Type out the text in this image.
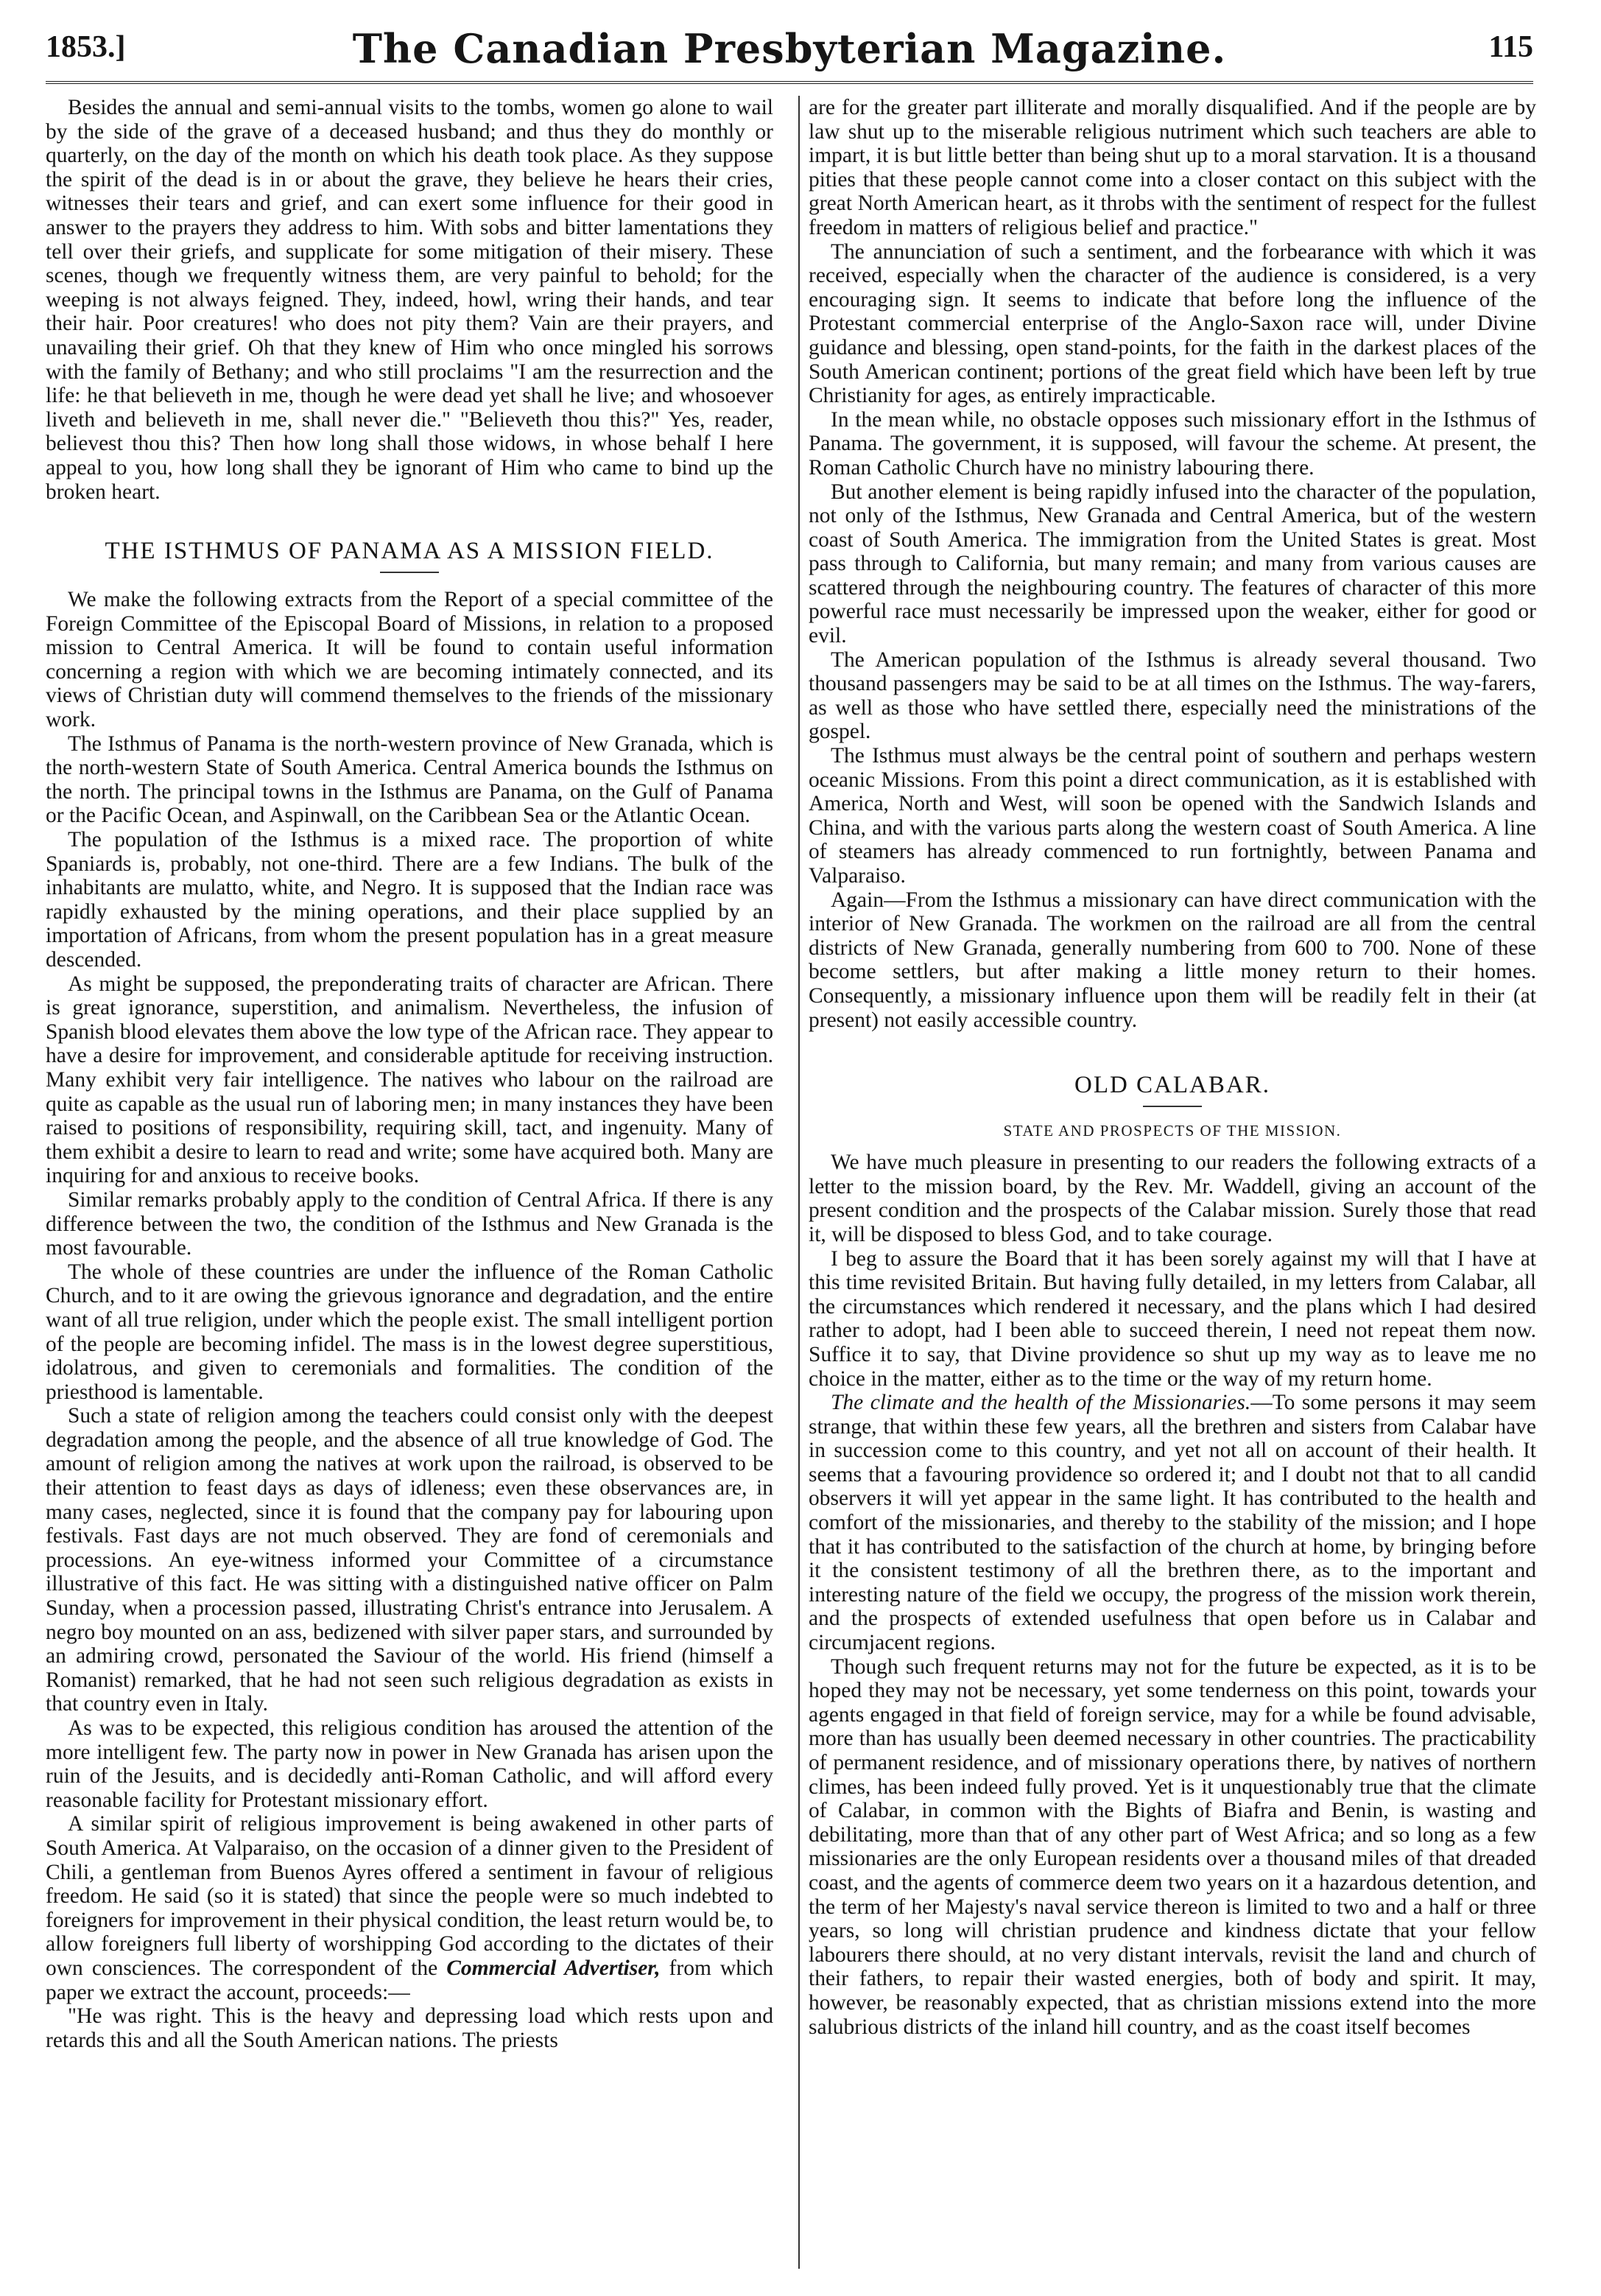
1853.]	The Canadian Presbyterian Magazine.	115

Besides the annual and semi-annual visits to the tombs, women go alone to wail by the side of the grave of a deceased husband; and thus they do monthly or quarterly, on the day of the month on which his death took place. As they suppose the spirit of the dead is in or about the grave, they believe he hears their cries, witnesses their tears and grief, and can exert some influence for their good in answer to the prayers they address to him. With sobs and bitter lamentations they tell over their griefs, and supplicate for some mitigation of their misery. These scenes, though we frequently witness them, are very painful to behold; for the weeping is not always feigned. They, indeed, howl, wring their hands, and tear their hair. Poor creatures! who does not pity them? Vain are their prayers, and unavailing their grief. Oh that they knew of Him who once mingled his sorrows with the family of Bethany; and who still proclaims "I am the resurrection and the life: he that believeth in me, though he were dead yet shall he live; and whosoever liveth and believeth in me, shall never die." "Believeth thou this?" Yes, reader, believest thou this? Then how long shall those widows, in whose behalf I here appeal to you, how long shall they be ignorant of Him who came to bind up the broken heart.

THE ISTHMUS OF PANAMA AS A MISSION FIELD.

We make the following extracts from the Report of a special committee of the Foreign Committee of the Episcopal Board of Missions, in relation to a proposed mission to Central America. It will be found to contain useful information concerning a region with which we are becoming intimately connected, and its views of Christian duty will commend themselves to the friends of the missionary work.

The Isthmus of Panama is the north-western province of New Granada, which is the north-western State of South America. Central America bounds the Isthmus on the north. The principal towns in the Isthmus are Panama, on the Gulf of Panama or the Pacific Ocean, and Aspinwall, on the Caribbean Sea or the Atlantic Ocean.

The population of the Isthmus is a mixed race. The proportion of white Spaniards is, probably, not one-third. There are a few Indians. The bulk of the inhabitants are mulatto, white, and Negro. It is supposed that the Indian race was rapidly exhausted by the mining operations, and their place supplied by an importation of Africans, from whom the present population has in a great measure descended.

As might be supposed, the preponderating traits of character are African. There is great ignorance, superstition, and animalism. Nevertheless, the infusion of Spanish blood elevates them above the low type of the African race. They appear to have a desire for improvement, and considerable aptitude for receiving instruction. Many exhibit very fair intelligence. The natives who labour on the railroad are quite as capable as the usual run of laboring men; in many instances they have been raised to positions of responsibility, requiring skill, tact, and ingenuity. Many of them exhibit a desire to learn to read and write; some have acquired both. Many are inquiring for and anxious to receive books.

Similar remarks probably apply to the condition of Central Africa. If there is any difference between the two, the condition of the Isthmus and New Granada is the most favourable.

The whole of these countries are under the influence of the Roman Catholic Church, and to it are owing the grievous ignorance and degradation, and the entire want of all true religion, under which the people exist. The small intelligent portion of the people are becoming infidel. The mass is in the lowest degree superstitious, idolatrous, and given to ceremonials and formalities. The condition of the priesthood is lamentable.

Such a state of religion among the teachers could consist only with the deepest degradation among the people, and the absence of all true knowledge of God. The amount of religion among the natives at work upon the railroad, is observed to be their attention to feast days as days of idleness; even these observances are, in many cases, neglected, since it is found that the company pay for labouring upon festivals. Fast days are not much observed. They are fond of ceremonials and processions. An eye-witness informed your Committee of a circumstance illustrative of this fact. He was sitting with a distinguished native officer on Palm Sunday, when a procession passed, illustrating Christ's entrance into Jerusalem. A negro boy mounted on an ass, bedizened with silver paper stars, and surrounded by an admiring crowd, personated the Saviour of the world. His friend (himself a Romanist) remarked, that he had not seen such religious degradation as exists in that country even in Italy.

As was to be expected, this religious condition has aroused the attention of the more intelligent few. The party now in power in New Granada has arisen upon the ruin of the Jesuits, and is decidedly anti-Roman Catholic, and will afford every reasonable facility for Protestant missionary effort.

A similar spirit of religious improvement is being awakened in other parts of South America. At Valparaiso, on the occasion of a dinner given to the President of Chili, a gentleman from Buenos Ayres offered a sentiment in favour of religious freedom. He said (so it is stated) that since the people were so much indebted to foreigners for improvement in their physical condition, the least return would be, to allow foreigners full liberty of worshipping God according to the dictates of their own consciences. The correspondent of the Commercial Advertiser, from which paper we extract the account, proceeds:—

"He was right. This is the heavy and depressing load which rests upon and retards this and all the South American nations. The priests

are for the greater part illiterate and morally disqualified. And if the people are by law shut up to the miserable religious nutriment which such teachers are able to impart, it is but little better than being shut up to a moral starvation. It is a thousand pities that these people cannot come into a closer contact on this subject with the great North American heart, as it throbs with the sentiment of respect for the fullest freedom in matters of religious belief and practice."

The annunciation of such a sentiment, and the forbearance with which it was received, especially when the character of the audience is considered, is a very encouraging sign. It seems to indicate that before long the influence of the Protestant commercial enterprise of the Anglo-Saxon race will, under Divine guidance and blessing, open stand-points, for the faith in the darkest places of the South American continent; portions of the great field which have been left by true Christianity for ages, as entirely impracticable.

In the mean while, no obstacle opposes such missionary effort in the Isthmus of Panama. The government, it is supposed, will favour the scheme. At present, the Roman Catholic Church have no ministry labouring there.

But another element is being rapidly infused into the character of the population, not only of the Isthmus, New Granada and Central America, but of the western coast of South America. The immigration from the United States is great. Most pass through to California, but many remain; and many from various causes are scattered through the neighbouring country. The features of character of this more powerful race must necessarily be impressed upon the weaker, either for good or evil.

The American population of the Isthmus is already several thousand. Two thousand passengers may be said to be at all times on the Isthmus. The way-farers, as well as those who have settled there, especially need the ministrations of the gospel.

The Isthmus must always be the central point of southern and perhaps western oceanic Missions. From this point a direct communication, as it is established with America, North and West, will soon be opened with the Sandwich Islands and China, and with the various parts along the western coast of South America. A line of steamers has already commenced to run fortnightly, between Panama and Valparaiso.

Again—From the Isthmus a missionary can have direct communication with the interior of New Granada. The workmen on the railroad are all from the central districts of New Granada, generally numbering from 600 to 700. None of these become settlers, but after making a little money return to their homes. Consequently, a missionary influence upon them will be readily felt in their (at present) not easily accessible country.

OLD CALABAR.
STATE AND PROSPECTS OF THE MISSION.

We have much pleasure in presenting to our readers the following extracts of a letter to the mission board, by the Rev. Mr. Waddell, giving an account of the present condition and the prospects of the Calabar mission. Surely those that read it, will be disposed to bless God, and to take courage.

I beg to assure the Board that it has been sorely against my will that I have at this time revisited Britain. But having fully detailed, in my letters from Calabar, all the circumstances which rendered it necessary, and the plans which I had desired rather to adopt, had I been able to succeed therein, I need not repeat them now. Suffice it to say, that Divine providence so shut up my way as to leave me no choice in the matter, either as to the time or the way of my return home.

The climate and the health of the Missionaries.—To some persons it may seem strange, that within these few years, all the brethren and sisters from Calabar have in succession come to this country, and yet not all on account of their health. It seems that a favouring providence so ordered it; and I doubt not that to all candid observers it will yet appear in the same light. It has contributed to the health and comfort of the missionaries, and thereby to the stability of the mission; and I hope that it has contributed to the satisfaction of the church at home, by bringing before it the consistent testimony of all the brethren there, as to the important and interesting nature of the field we occupy, the progress of the mission work therein, and the prospects of extended usefulness that open before us in Calabar and circumjacent regions.

Though such frequent returns may not for the future be expected, as it is to be hoped they may not be necessary, yet some tenderness on this point, towards your agents engaged in that field of foreign service, may for a while be found advisable, more than has usually been deemed necessary in other countries. The practicability of permanent residence, and of missionary operations there, by natives of northern climes, has been indeed fully proved. Yet is it unquestionably true that the climate of Calabar, in common with the Bights of Biafra and Benin, is wasting and debilitating, more than that of any other part of West Africa; and so long as a few missionaries are the only European residents over a thousand miles of that dreaded coast, and the agents of commerce deem two years on it a hazardous detention, and the term of her Majesty's naval service thereon is limited to two and a half or three years, so long will christian prudence and kindness dictate that your fellow labourers there should, at no very distant intervals, revisit the land and church of their fathers, to repair their wasted energies, both of body and spirit. It may, however, be reasonably expected, that as christian missions extend into the more salubrious districts of the inland hill country, and as the coast itself becomes
